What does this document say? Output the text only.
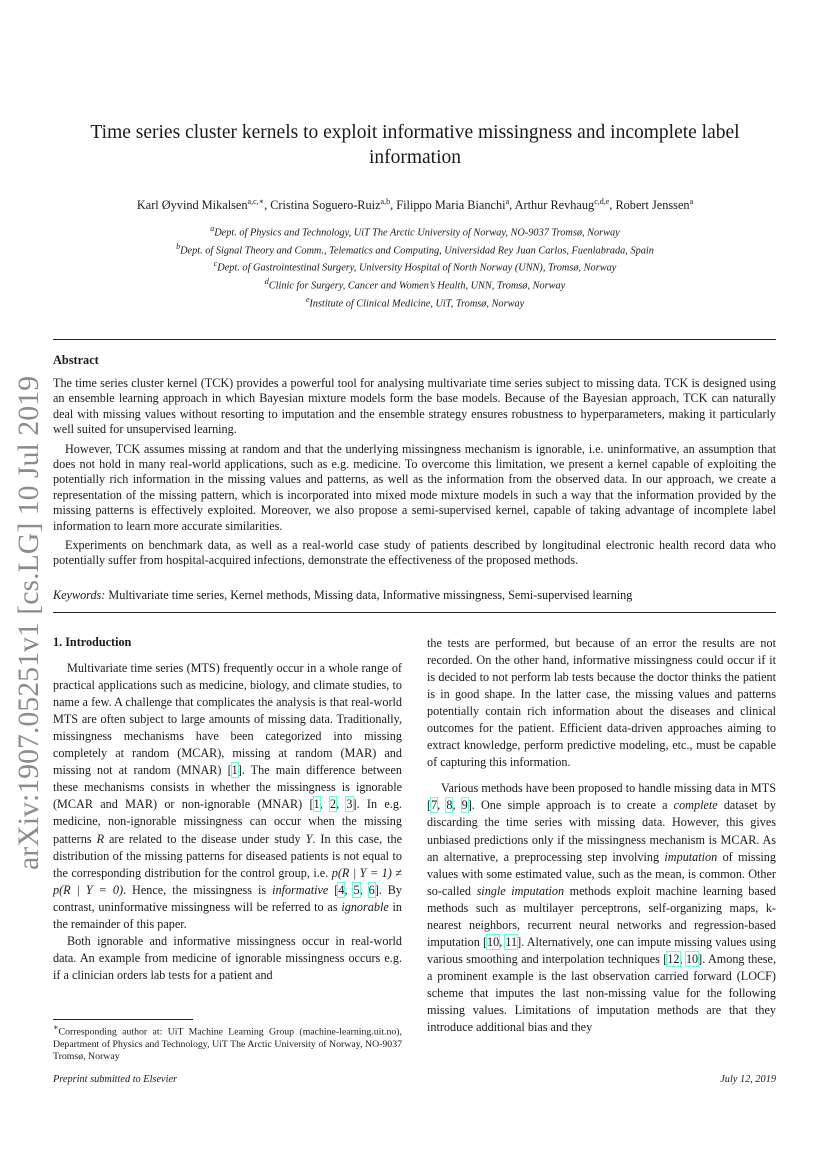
arXiv:1907.05251v1 [cs.LG] 10 Jul 2019
Time series cluster kernels to exploit informative missingness and incomplete label information
Karl Øyvind Mikalsen$^{a,c,∗}$, Cristina Soguero-Ruiz$^{a,b}$, Filippo Maria Bianchi$^a$, Arthur Revhaug$^{c,d,e}$, Robert Jenssen$^a$
$^a$Dept. of Physics and Technology, UiT The Arctic University of Norway, NO-9037 Tromsø, Norway
$^b$Dept. of Signal Theory and Comm., Telematics and Computing, Universidad Rey Juan Carlos, Fuenlabrada, Spain
$^c$Dept. of Gastrointestinal Surgery, University Hospital of North Norway (UNN), Tromsø, Norway
$^d$Clinic for Surgery, Cancer and Women’s Health, UNN, Tromsø, Norway
$^e$Institute of Clinical Medicine, UiT, Tromsø, Norway
Abstract

The time series cluster kernel (TCK) provides a powerful tool for analysing multivariate time series subject to missing data. TCK is designed using an ensemble learning approach in which Bayesian mixture models form the base models. Because of the Bayesian approach, TCK can naturally deal with missing values without resorting to imputation and the ensemble strategy ensures robustness to hyperparameters, making it particularly well suited for unsupervised learning.

However, TCK assumes missing at random and that the underlying missingness mechanism is ignorable, i.e. uninformative, an assumption that does not hold in many real-world applications, such as e.g. medicine. To overcome this limitation, we present a kernel capable of exploiting the potentially rich information in the missing values and patterns, as well as the information from the observed data. In our approach, we create a representation of the missing pattern, which is incorporated into mixed mode mixture models in such a way that the information provided by the missing patterns is effectively exploited. Moreover, we also propose a semi-supervised kernel, capable of taking advantage of incomplete label information to learn more accurate similarities.

Experiments on benchmark data, as well as a real-world case study of patients described by longitudinal electronic health record data who potentially suffer from hospital-acquired infections, demonstrate the effectiveness of the proposed methods.

Keywords: Multivariate time series, Kernel methods, Missing data, Informative missingness, Semi-supervised learning
1. Introduction

Multivariate time series (MTS) frequently occur in a whole range of practical applications such as medicine, biology, and climate studies, to name a few. A challenge that complicates the analysis is that real-world MTS are often subject to large amounts of missing data. Traditionally, missingness mechanisms have been categorized into missing completely at random (MCAR), missing at random (MAR) and missing not at random (MNAR) [1]. The main difference between these mechanisms consists in whether the missingness is ignorable (MCAR and MAR) or non-ignorable (MNAR) [1, 2, 3]. In e.g. medicine, non-ignorable missingness can occur when the missing patterns R are related to the disease under study Y. In this case, the distribution of the missing patterns for diseased patients is not equal to the corresponding distribution for the control group, i.e. p(R | Y = 1) ≠ p(R | Y = 0). Hence, the missingness is informative [4, 5, 6]. By contrast, uninformative missingness will be referred to as ignorable in the remainder of this paper.

Both ignorable and informative missingness occur in real-world data. An example from medicine of ignorable missingness occurs e.g. if a clinician orders lab tests for a patient and

the tests are performed, but because of an error the results are not recorded. On the other hand, informative missingness could occur if it is decided to not perform lab tests because the doctor thinks the patient is in good shape. In the latter case, the missing values and patterns potentially contain rich information about the diseases and clinical outcomes for the patient. Efficient data-driven approaches aiming to extract knowledge, perform predictive modeling, etc., must be capable of capturing this information.

Various methods have been proposed to handle missing data in MTS [7, 8, 9]. One simple approach is to create a complete dataset by discarding the time series with missing data. However, this gives unbiased predictions only if the missingness mechanism is MCAR. As an alternative, a preprocessing step involving imputation of missing values with some estimated value, such as the mean, is common. Other so-called single imputation methods exploit machine learning based methods such as multilayer perceptrons, self-organizing maps, k-nearest neighbors, recurrent neural networks and regression-based imputation [10, 11]. Alternatively, one can impute missing values using various smoothing and interpolation techniques [12, 10]. Among these, a prominent example is the last observation carried forward (LOCF) scheme that imputes the last non-missing value for the following missing values. Limitations of imputation methods are that they introduce additional bias and they

∗Corresponding author at: UiT Machine Learning Group (machine-learning.uit.no), Department of Physics and Technology, UiT The Arctic University of Norway, NO-9037 Tromsø, Norway
Preprint submitted to Elsevier	July 12, 2019
